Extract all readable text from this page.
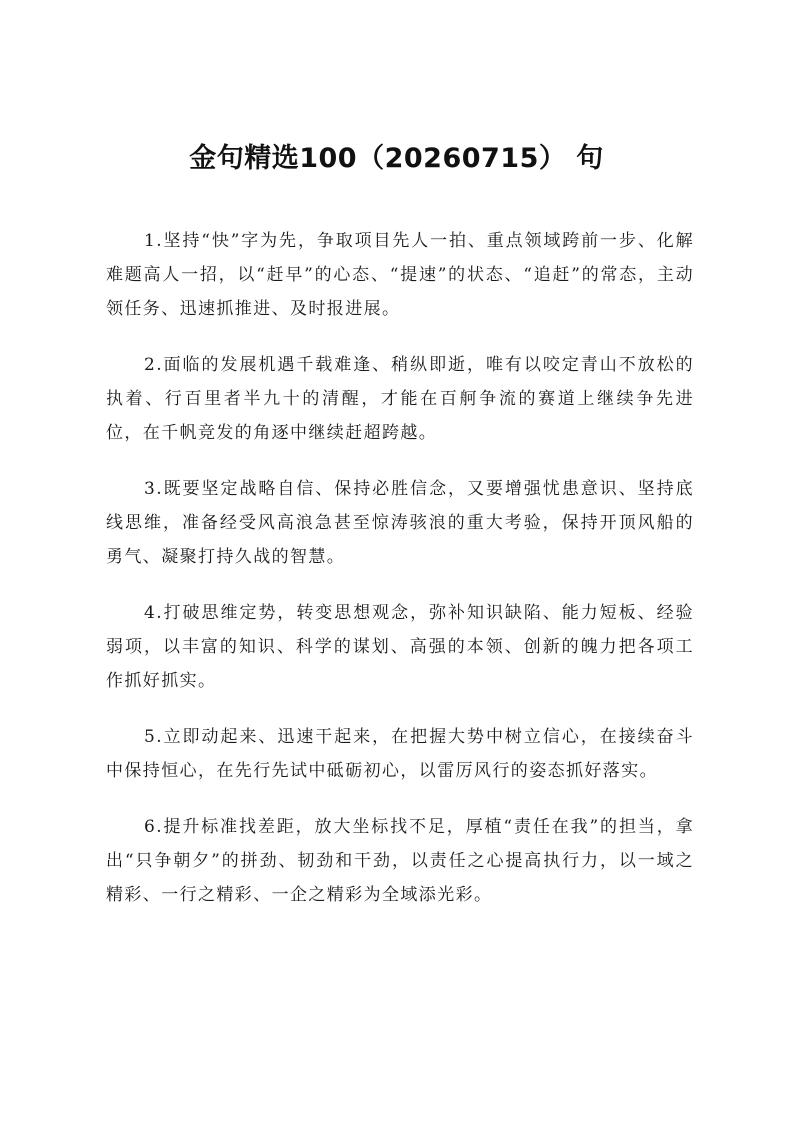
金句精选100（20260715） 句

1.坚持“快”字为先，争取项目先人一拍、重点领域跨前一步、化解难题高人一招，以“赶早”的心态、“提速”的状态、“追赶”的常态，主动领任务、迅速抓推进、及时报进展。

2.面临的发展机遇千载难逢、稍纵即逝，唯有以咬定青山不放松的执着、行百里者半九十的清醒，才能在百舸争流的赛道上继续争先进位，在千帆竞发的角逐中继续赶超跨越。

3.既要坚定战略自信、保持必胜信念，又要增强忧患意识、坚持底线思维，准备经受风高浪急甚至惊涛骇浪的重大考验，保持开顶风船的勇气、凝聚打持久战的智慧。

4.打破思维定势，转变思想观念，弥补知识缺陷、能力短板、经验弱项，以丰富的知识、科学的谋划、高强的本领、创新的魄力把各项工作抓好抓实。

5.立即动起来、迅速干起来，在把握大势中树立信心，在接续奋斗中保持恒心，在先行先试中砥砺初心，以雷厉风行的姿态抓好落实。

6.提升标准找差距，放大坐标找不足，厚植“责任在我”的担当，拿出“只争朝夕”的拼劲、韧劲和干劲，以责任之心提高执行力，以一域之精彩、一行之精彩、一企之精彩为全域添光彩。
